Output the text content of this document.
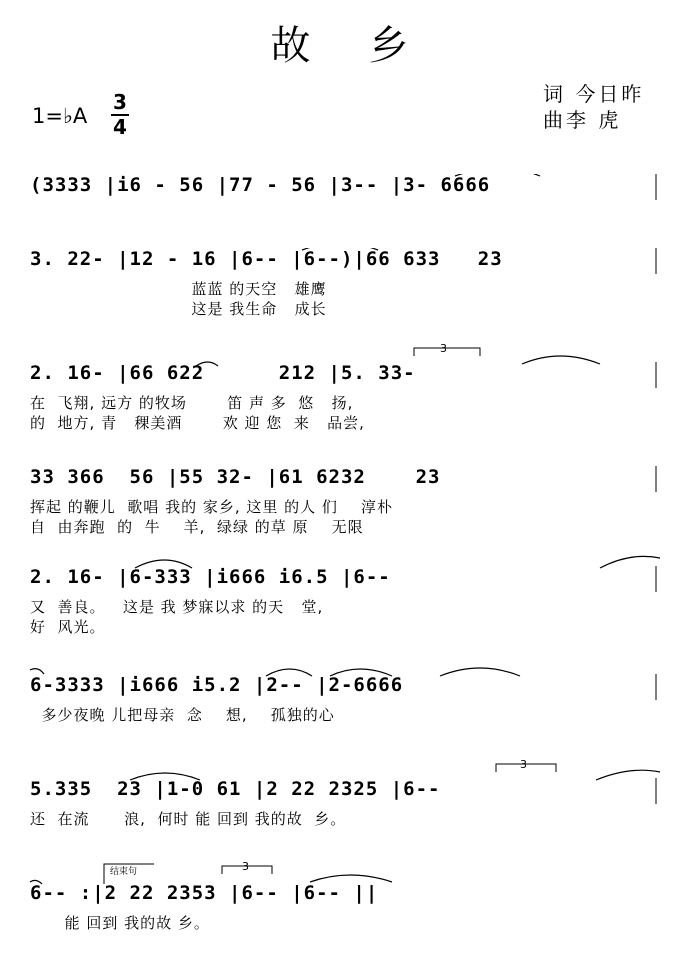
故乡
词 今日昨
曲李 虎
1=♭A
3
4
(3333 |i6 - 56 |77 - 56 |3-- |3- 6666
3. 22- |12 - 16 |6-- |6--)|66 633   23
蓝蓝 的天空   雄鹰
这是 我生命   成长
2. 16- |66 622      212 |5. 33-
在  飞翔, 远方 的牧场       笛 声 多  悠   扬,
的  地方, 青   稞美酒       欢 迎 您  来   品尝,
3
33 366  56 |55 32- |61 6232    23
挥起 的鞭儿  歌唱 我的 家乡, 这里 的人 们    淳朴
自  由奔跑  的  牛    羊,  绿绿 的草 原    无限
2. 16- |6-333 |i666 i6.5 |6--
又  善良。   这是 我 梦寐以求 的天   堂,
好  风光。
6-3333 |i666 i5.2 |2-- |2-6666
多少夜晚 儿把母亲  念    想,    孤独的心
5.335  23 |1-0 61 |2 22 2325 |6--
还  在流      浪,  何时 能 回到 我的故  乡。
3
6-- :|2 22 2353 |6-- |6-- ||
能 回到 我的故 乡。
结束句	3
